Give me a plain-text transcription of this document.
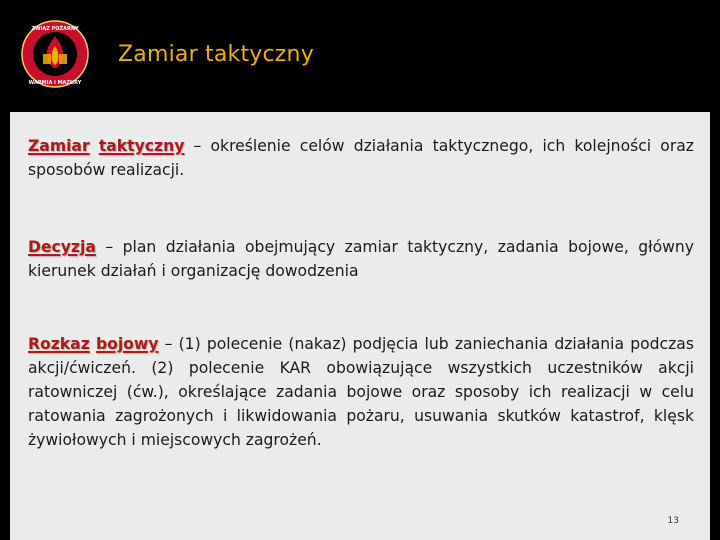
ZWIĄZ POŻARNY
WARMIA i MAZURY
Zamiar taktyczny

Zamiar taktyczny – określenie celów działania taktycznego, ich kolejności oraz sposobów realizacji.

Decyzja – plan działania obejmujący zamiar taktyczny, zadania bojowe, główny kierunek działań i organizację dowodzenia

Rozkaz bojowy – (1) polecenie (nakaz) podjęcia lub zaniechania działania podczas akcji/ćwiczeń. (2) polecenie KAR obowiązujące wszystkich uczestników akcji ratowniczej (ćw.), określające zadania bojowe oraz sposoby ich realizacji w celu ratowania zagrożonych i likwidowania pożaru, usuwania skutków katastrof, klęsk żywiołowych i miejscowych zagrożeń.

13
